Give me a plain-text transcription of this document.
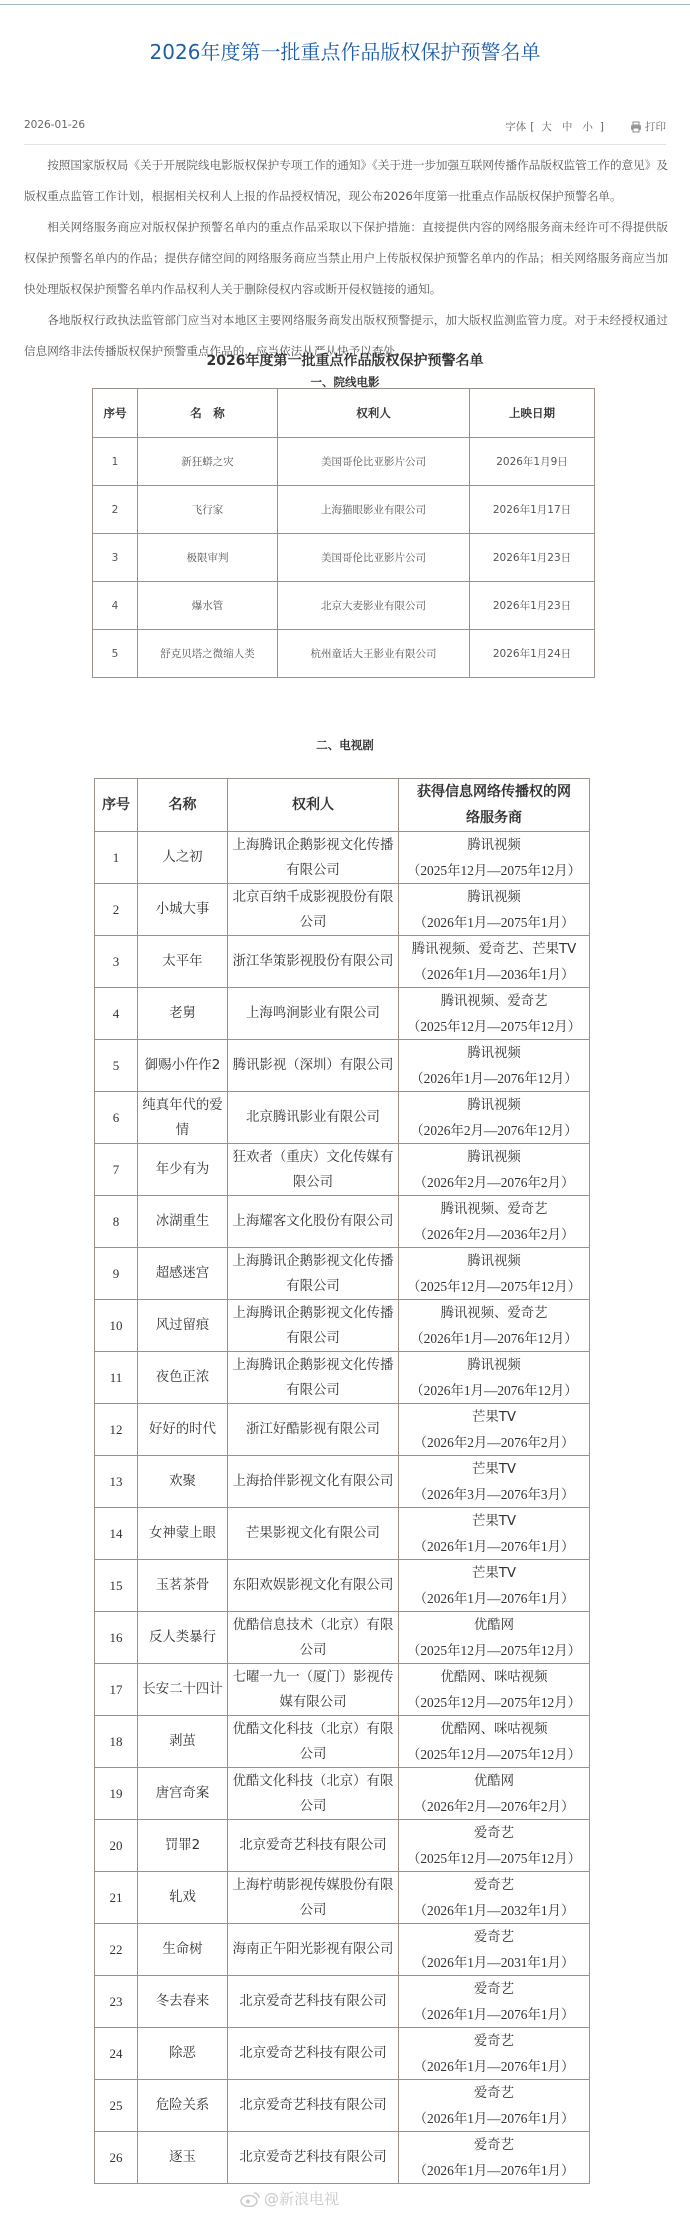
2026年度第一批重点作品版权保护预警名单
2026-01-26	字体 [ 大 中 小 ]	打印

按照国家版权局《关于开展院线电影版权保护专项工作的通知》《关于进一步加强互联网传播作品版权监管工作的意见》及版权重点监管工作计划，根据相关权利人上报的作品授权情况，现公布2026年度第一批重点作品版权保护预警名单。

相关网络服务商应对版权保护预警名单内的重点作品采取以下保护措施：直接提供内容的网络服务商未经许可不得提供版权保护预警名单内的作品；提供存储空间的网络服务商应当禁止用户上传版权保护预警名单内的作品；相关网络服务商应当加快处理版权保护预警名单内作品权利人关于删除侵权内容或断开侵权链接的通知。

各地版权行政执法监管部门应当对本地区主要网络服务商发出版权预警提示，加大版权监测监管力度。对于未经授权通过信息网络非法传播版权保护预警重点作品的，应当依法从严从快予以查处。

2026年度第一批重点作品版权保护预警名单
一、院线电影
序号	名　称	权利人	上映日期
1	新狂蟒之灾	美国哥伦比亚影片公司	2026年1月9日
2	飞行家	上海猫眼影业有限公司	2026年1月17日
3	极限审判	美国哥伦比亚影片公司	2026年1月23日
4	爆水管	北京大麦影业有限公司	2026年1月23日
5	舒克贝塔之微缩人类	杭州童话大王影业有限公司	2026年1月24日
二、电视剧
序号	名称	权利人	获得信息网络传播权的网络服务商
1	人之初	上海腾讯企鹅影视文化传播有限公司	腾讯视频
（2025年12月—2075年12月）

2	小城大事	北京百纳千成影视股份有限公司	腾讯视频
（2026年1月—2075年1月）

3	太平年	浙江华策影视股份有限公司	腾讯视频、爱奇艺、芒果TV
（2026年1月—2036年1月）

4	老舅	上海鸣涧影业有限公司	腾讯视频、爱奇艺
（2025年12月—2075年12月）

5	御赐小仵作2	腾讯影视（深圳）有限公司	腾讯视频
（2026年1月—2076年12月）

6	纯真年代的爱情	北京腾讯影业有限公司	腾讯视频
（2026年2月—2076年12月）

7	年少有为	狂欢者（重庆）文化传媒有限公司	腾讯视频
（2026年2月—2076年2月）

8	冰湖重生	上海耀客文化股份有限公司	腾讯视频、爱奇艺
（2026年2月—2036年2月）

9	超感迷宫	上海腾讯企鹅影视文化传播有限公司	腾讯视频
（2025年12月—2075年12月）

10	风过留痕	上海腾讯企鹅影视文化传播有限公司	腾讯视频、爱奇艺
（2026年1月—2076年12月）

11	夜色正浓	上海腾讯企鹅影视文化传播有限公司	腾讯视频
（2026年1月—2076年12月）

12	好好的时代	浙江好酷影视有限公司	芒果TV
（2026年2月—2076年2月）

13	欢聚	上海拾伴影视文化有限公司	芒果TV
（2026年3月—2076年3月）

14	女神蒙上眼	芒果影视文化有限公司	芒果TV
（2026年1月—2076年1月）

15	玉茗茶骨	东阳欢娱影视文化有限公司	芒果TV
（2026年1月—2076年1月）

16	反人类暴行	优酷信息技术（北京）有限公司	优酷网
（2025年12月—2075年12月）

17	长安二十四计	七曜一九一（厦门）影视传媒有限公司	优酷网、咪咕视频
（2025年12月—2075年12月）

18	剥茧	优酷文化科技（北京）有限公司	优酷网、咪咕视频
（2025年12月—2075年12月）

19	唐宫奇案	优酷文化科技（北京）有限公司	优酷网
（2026年2月—2076年2月）

20	罚罪2	北京爱奇艺科技有限公司	爱奇艺
（2025年12月—2075年12月）

21	轧戏	上海柠萌影视传媒股份有限公司	爱奇艺
（2026年1月—2032年1月）

22	生命树	海南正午阳光影视有限公司	爱奇艺
（2026年1月—2031年1月）

23	冬去春来	北京爱奇艺科技有限公司	爱奇艺
（2026年1月—2076年1月）

24	除恶	北京爱奇艺科技有限公司	爱奇艺
（2026年1月—2076年1月）

25	危险关系	北京爱奇艺科技有限公司	爱奇艺
（2026年1月—2076年1月）

26	逐玉	北京爱奇艺科技有限公司	爱奇艺
（2026年1月—2076年1月）
@新浪电视
